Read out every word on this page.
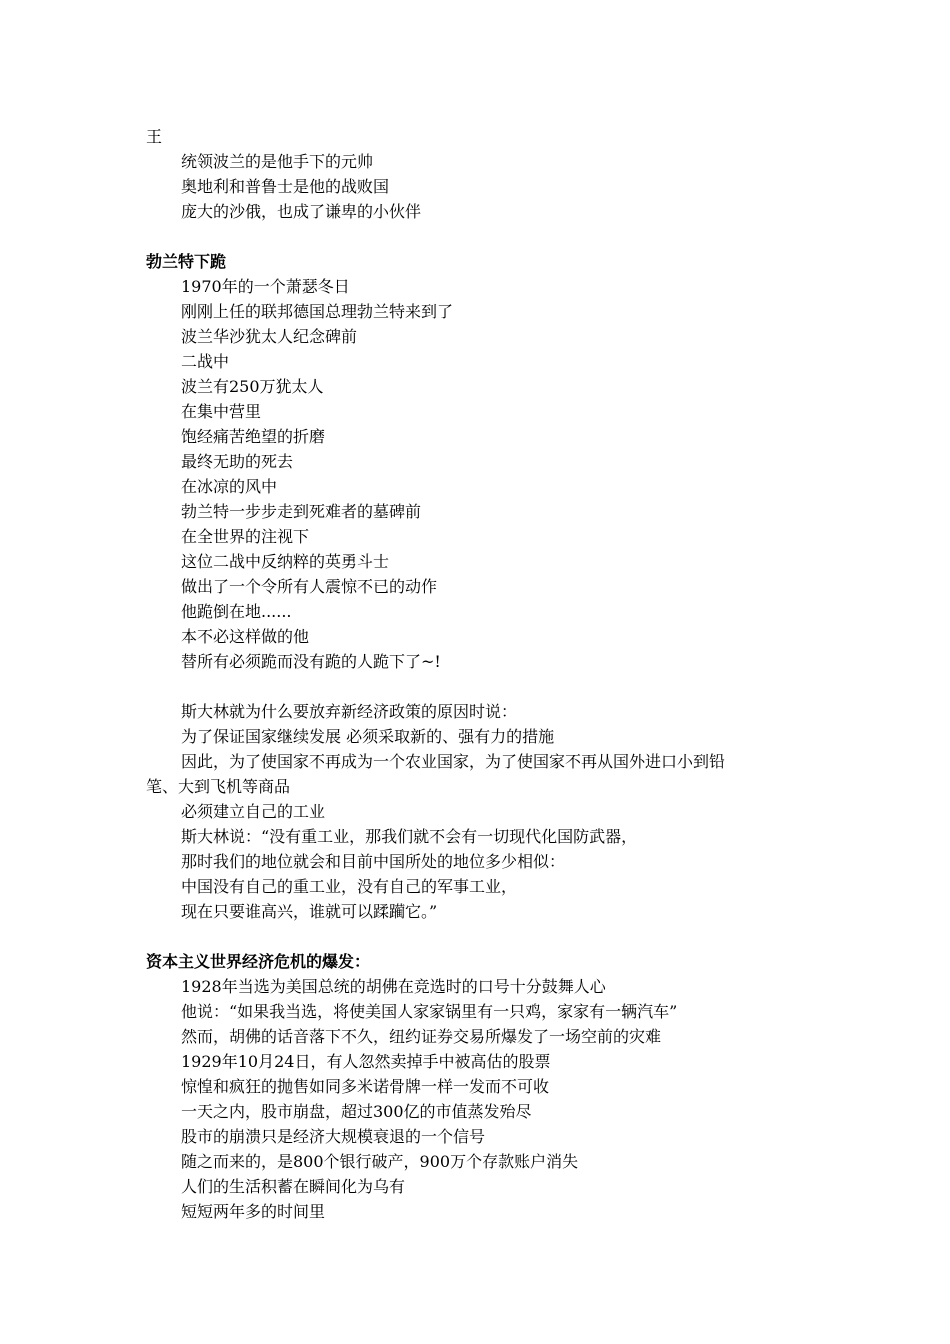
王
统领波兰的是他手下的元帅
奥地利和普鲁士是他的战败国
庞大的沙俄，也成了谦卑的小伙伴
勃兰特下跪
1970年的一个萧瑟冬日
刚刚上任的联邦德国总理勃兰特来到了
波兰华沙犹太人纪念碑前
二战中
波兰有250万犹太人
在集中营里
饱经痛苦绝望的折磨
最终无助的死去
在冰凉的风中
勃兰特一步步走到死难者的墓碑前
在全世界的注视下
这位二战中反纳粹的英勇斗士
做出了一个令所有人震惊不已的动作
他跪倒在地......
本不必这样做的他
替所有必须跪而没有跪的人跪下了~!
斯大林就为什么要放弃新经济政策的原因时说：
为了保证国家继续发展 必须采取新的、强有力的措施
因此，为了使国家不再成为一个农业国家，为了使国家不再从国外进口小到铅
笔、大到飞机等商品
必须建立自己的工业
斯大林说：“没有重工业，那我们就不会有一切现代化国防武器，
那时我们的地位就会和目前中国所处的地位多少相似：
中国没有自己的重工业，没有自己的军事工业，
现在只要谁高兴，谁就可以蹂躏它。”
资本主义世界经济危机的爆发：
1928年当选为美国总统的胡佛在竞选时的口号十分鼓舞人心
他说：“如果我当选，将使美国人家家锅里有一只鸡，家家有一辆汽车”
然而，胡佛的话音落下不久，纽约证券交易所爆发了一场空前的灾难
1929年10月24日，有人忽然卖掉手中被高估的股票
惊惶和疯狂的抛售如同多米诺骨牌一样一发而不可收
一天之内，股市崩盘，超过300亿的市值蒸发殆尽
股市的崩溃只是经济大规模衰退的一个信号
随之而来的，是800个银行破产，900万个存款账户消失
人们的生活积蓄在瞬间化为乌有
短短两年多的时间里
